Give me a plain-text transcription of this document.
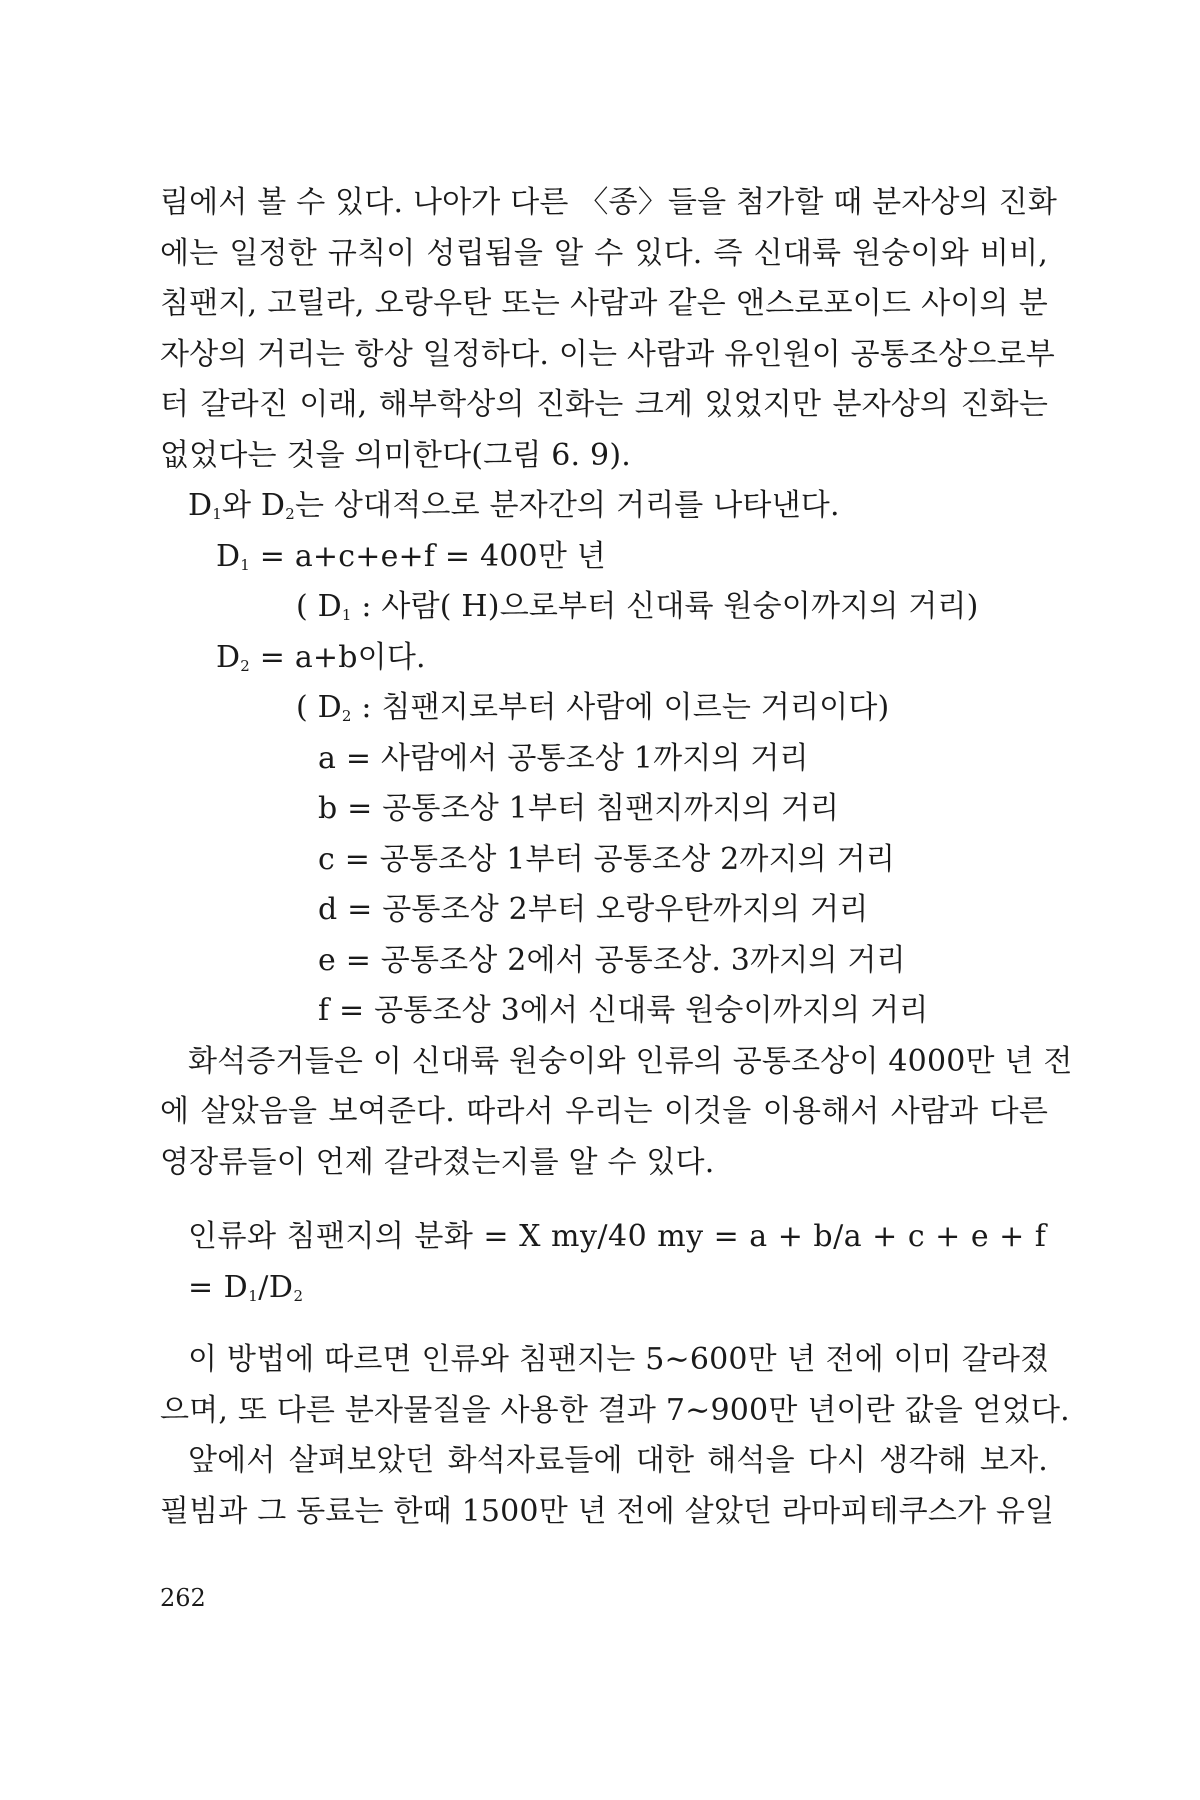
림에서 볼 수 있다. 나아가 다른 〈종〉들을 첨가할 때 분자상의 진화
에는 일정한 규칙이 성립됨을 알 수 있다. 즉 신대륙 원숭이와 비비,
침팬지, 고릴라, 오랑우탄 또는 사람과 같은 앤스로포이드 사이의 분
자상의 거리는 항상 일정하다. 이는 사람과 유인원이 공통조상으로부
터 갈라진 이래, 해부학상의 진화는 크게 있었지만 분자상의 진화는
없었다는 것을 의미한다(그림 6. 9).
$D_1$와 $D_2$는 상대적으로 분자간의 거리를 나타낸다.
$D_1 = a+c+e+f = 400$만 년
( $D_1$ : 사람( H)으로부터 신대륙 원숭이까지의 거리)
$D_2 = a+b$이다.
( $D_2$ : 침팬지로부터 사람에 이르는 거리이다)
a = 사람에서 공통조상 1까지의 거리
b = 공통조상 1부터 침팬지까지의 거리
c = 공통조상 1부터 공통조상 2까지의 거리
d = 공통조상 2부터 오랑우탄까지의 거리
e = 공통조상 2에서 공통조상. 3까지의 거리
f = 공통조상 3에서 신대륙 원숭이까지의 거리
화석증거들은 이 신대륙 원숭이와 인류의 공통조상이 4000만 년 전
에 살았음을 보여준다. 따라서 우리는 이것을 이용해서 사람과 다른
영장류들이 언제 갈라졌는지를 알 수 있다.
인류와 침팬지의 분화 = X my/40 my = a + b/a + c + e + f
= $D_1/D_2$
이 방법에 따르면 인류와 침팬지는 5∼600만 년 전에 이미 갈라졌
으며, 또 다른 분자물질을 사용한 결과 7∼900만 년이란 값을 얻었다.
앞에서 살펴보았던 화석자료들에 대한 해석을 다시 생각해 보자.
필빔과 그 동료는 한때 1500만 년 전에 살았던 라마피테쿠스가 유일
262
